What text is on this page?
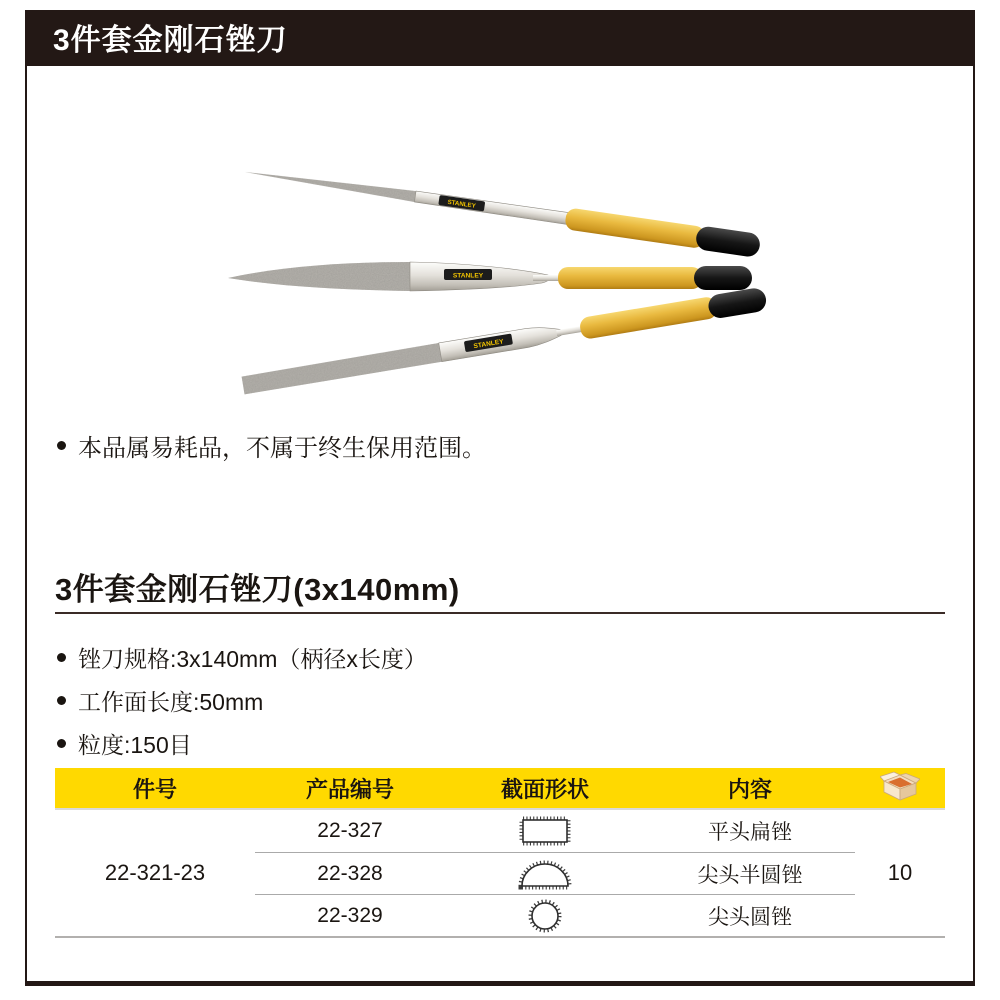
3件套金刚石锉刀
STANLEY
STANLEY
STANLEY
本品属易耗品，不属于终生保用范围。
3件套金刚石锉刀(3x140mm)
锉刀规格:3x140mm（柄径x长度）
工作面长度:50mm
粒度:150目
件号	产品编号	截面形状	内容
22-321-23	10
22-327	平头扁锉
22-328	尖头半圆锉
22-329	尖头圆锉
